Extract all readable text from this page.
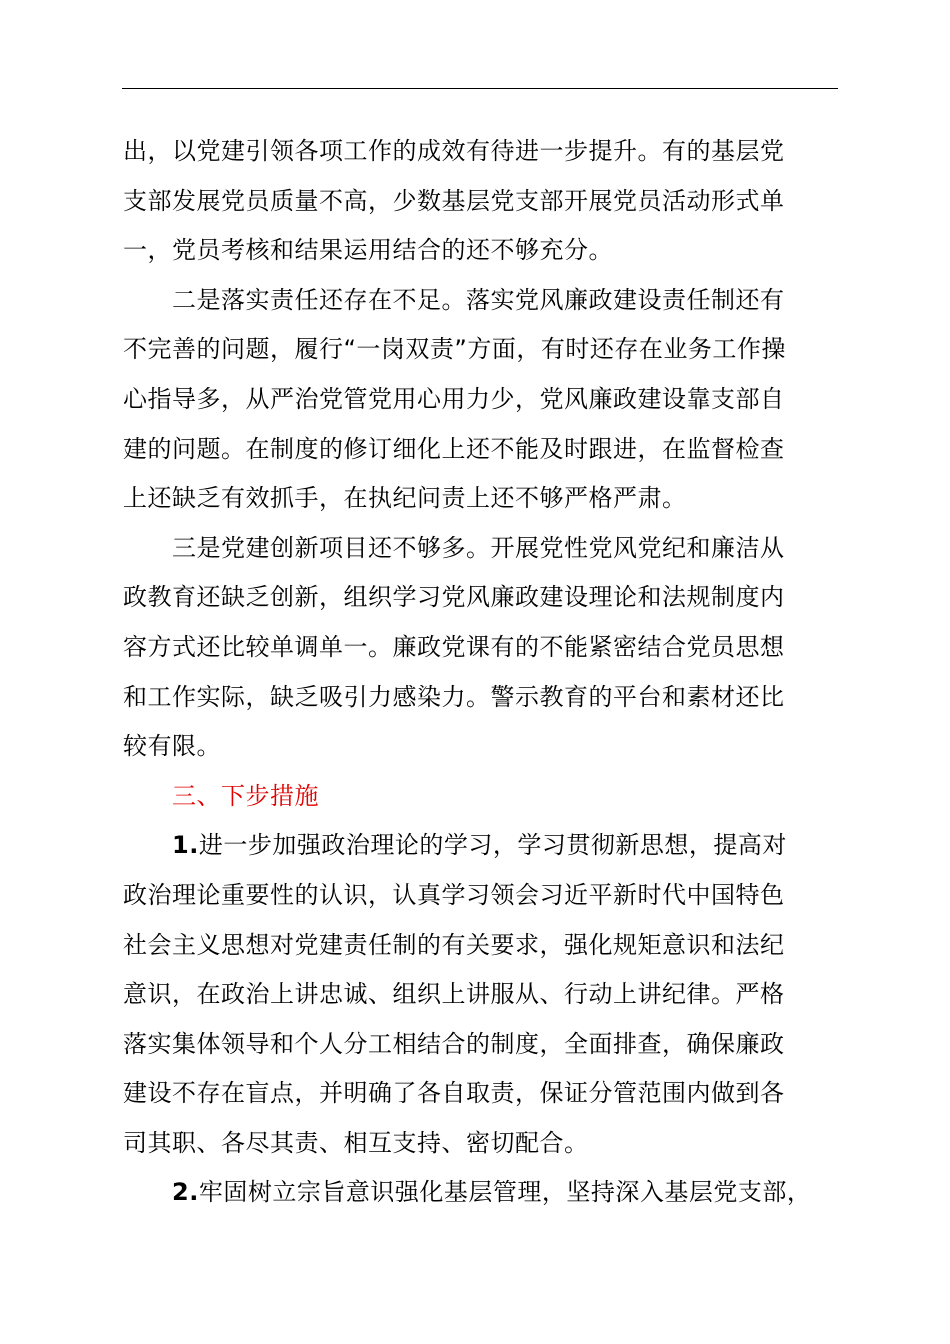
出，以党建引领各项工作的成效有待进一步提升。有的基层党
支部发展党员质量不高，少数基层党支部开展党员活动形式单
一，党员考核和结果运用结合的还不够充分。
二是落实责任还存在不足。落实党风廉政建设责任制还有
不完善的问题，履行“一岗双责”方面，有时还存在业务工作操
心指导多，从严治党管党用心用力少，党风廉政建设靠支部自
建的问题。在制度的修订细化上还不能及时跟进，在监督检查
上还缺乏有效抓手，在执纪问责上还不够严格严肃。
三是党建创新项目还不够多。开展党性党风党纪和廉洁从
政教育还缺乏创新，组织学习党风廉政建设理论和法规制度内
容方式还比较单调单一。廉政党课有的不能紧密结合党员思想
和工作实际，缺乏吸引力感染力。警示教育的平台和素材还比
较有限。
三、下步措施
1.进一步加强政治理论的学习，学习贯彻新思想，提高对
政治理论重要性的认识，认真学习领会习近平新时代中国特色
社会主义思想对党建责任制的有关要求，强化规矩意识和法纪
意识，在政治上讲忠诚、组织上讲服从、行动上讲纪律。严格
落实集体领导和个人分工相结合的制度，全面排查，确保廉政
建设不存在盲点，并明确了各自取责，保证分管范围内做到各
司其职、各尽其责、相互支持、密切配合。
2.牢固树立宗旨意识强化基层管理，坚持深入基层党支部，
